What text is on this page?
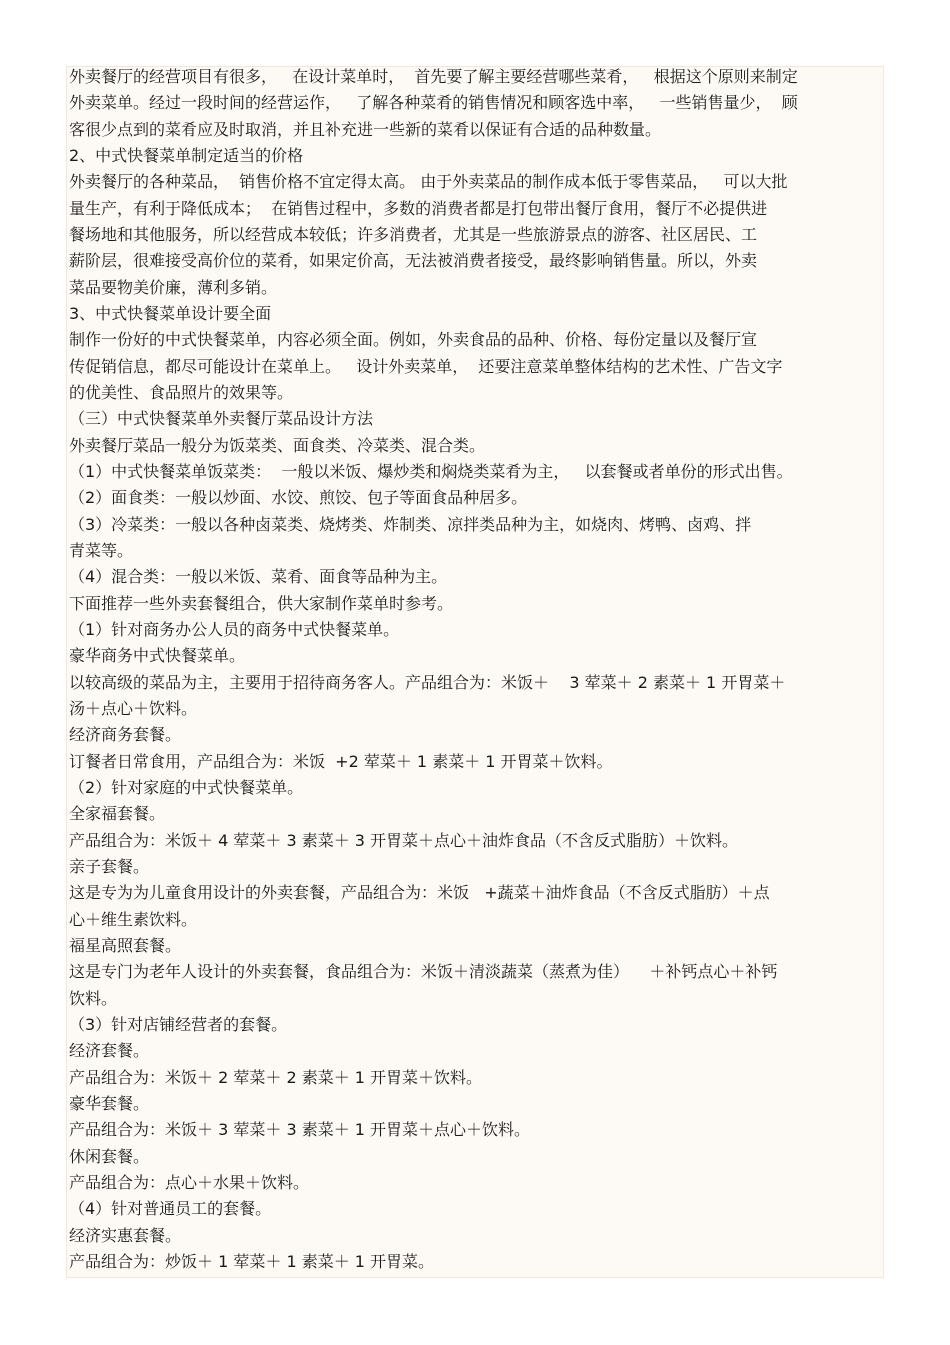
外卖餐厅的经营项目有很多，   在设计菜单时，  首先要了解主要经营哪些菜肴，   根据这个原则来制定

外卖菜单。经过一段时间的经营运作，   了解各种菜肴的销售情况和顾客选中率，   一些销售量少，  顾

客很少点到的菜肴应及时取消，并且补充进一些新的菜肴以保证有合适的品种数量。

2、中式快餐菜单制定适当的价格

外卖餐厅的各种菜品，  销售价格不宜定得太高。 由于外卖菜品的制作成本低于零售菜品，   可以大批

量生产，有利于降低成本；  在销售过程中，多数的消费者都是打包带出餐厅食用，餐厅不必提供进

餐场地和其他服务，所以经营成本较低；许多消费者，尤其是一些旅游景点的游客、社区居民、工

薪阶层，很难接受高价位的菜肴，如果定价高，无法被消费者接受，最终影响销售量。所以，外卖

菜品要物美价廉，薄利多销。

3、中式快餐菜单设计要全面

制作一份好的中式快餐菜单，内容必须全面。例如，外卖食品的品种、价格、每份定量以及餐厅宣

传促销信息，都尽可能设计在菜单上。   设计外卖菜单，  还要注意菜单整体结构的艺术性、广告文字

的优美性、食品照片的效果等。

（三）中式快餐菜单外卖餐厅菜品设计方法

外卖餐厅菜品一般分为饭菜类、面食类、冷菜类、混合类。

（1）中式快餐菜单饭菜类：  一般以米饭、爆炒类和焖烧类菜肴为主，   以套餐或者单份的形式出售。

（2）面食类：一般以炒面、水饺、煎饺、包子等面食品种居多。

（3）冷菜类：一般以各种卤菜类、烧烤类、炸制类、凉拌类品种为主，如烧肉、烤鸭、卤鸡、拌

青菜等。

（4）混合类：一般以米饭、菜肴、面食等品种为主。

下面推荐一些外卖套餐组合，供大家制作菜单时参考。

（1）针对商务办公人员的商务中式快餐菜单。

豪华商务中式快餐菜单。

以较高级的菜品为主，主要用于招待商务客人。产品组合为：米饭＋    3 荤菜＋ 2 素菜＋ 1 开胃菜＋

汤＋点心＋饮料。

经济商务套餐。

订餐者日常食用，产品组合为：米饭  +2 荤菜＋ 1 素菜＋ 1 开胃菜＋饮料。

（2）针对家庭的中式快餐菜单。

全家福套餐。

产品组合为：米饭＋ 4 荤菜＋ 3 素菜＋ 3 开胃菜＋点心＋油炸食品（不含反式脂肪）＋饮料。

亲子套餐。

这是专为为儿童食用设计的外卖套餐，产品组合为：米饭   +蔬菜＋油炸食品（不含反式脂肪）＋点

心＋维生素饮料。

福星高照套餐。

这是专门为老年人设计的外卖套餐，食品组合为：米饭＋清淡蔬菜（蒸煮为佳）    ＋补钙点心＋补钙

饮料。

（3）针对店铺经营者的套餐。

经济套餐。

产品组合为：米饭＋ 2 荤菜＋ 2 素菜＋ 1 开胃菜＋饮料。

豪华套餐。

产品组合为：米饭＋ 3 荤菜＋ 3 素菜＋ 1 开胃菜＋点心＋饮料。

休闲套餐。

产品组合为：点心＋水果＋饮料。

（4）针对普通员工的套餐。

经济实惠套餐。

产品组合为：炒饭＋ 1 荤菜＋ 1 素菜＋ 1 开胃菜。
